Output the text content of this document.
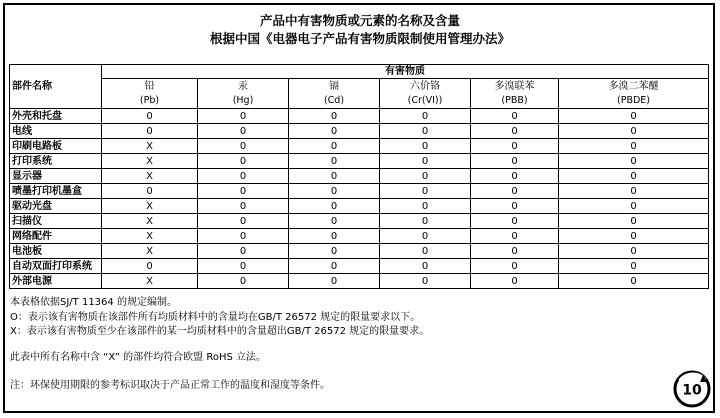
产品中有害物质或元素的名称及含量
根据中国《电器电子产品有害物质限制使用管理办法》
部件名称	有害物质					
	铅	汞	镉	六价铬	多溴联苯	多溴二苯醚
	(Pb)	(Hg)	(Cd)	(Cr(VI))	(PBB)	(PBDE)
外壳和托盘	0	0	0	0	0	0
电线	0	0	0	0	0	0
印刷电路板	X	0	0	0	0	0
打印系统	X	0	0	0	0	0
显示器	X	0	0	0	0	0
喷墨打印机墨盒	0	0	0	0	0	0
驱动光盘	X	0	0	0	0	0
扫描仪	X	0	0	0	0	0
网络配件	X	0	0	0	0	0
电池板	X	0	0	0	0	0
自动双面打印系统	0	0	0	0	0	0
外部电源	X	0	0	0	0	0
本表格依据SJ/T 11364 的规定编制。
O：表示该有害物质在该部件所有均质材料中的含量均在GB/T 26572 规定的限量要求以下。
X：表示该有害物质至少在该部件的某一均质材料中的含量超出GB/T 26572 规定的限量要求。
此表中所有名称中含 “X” 的部件均符合欧盟 RoHS 立法。
注：环保使用期限的参考标识取决于产品正常工作的温度和湿度等条件。	10
